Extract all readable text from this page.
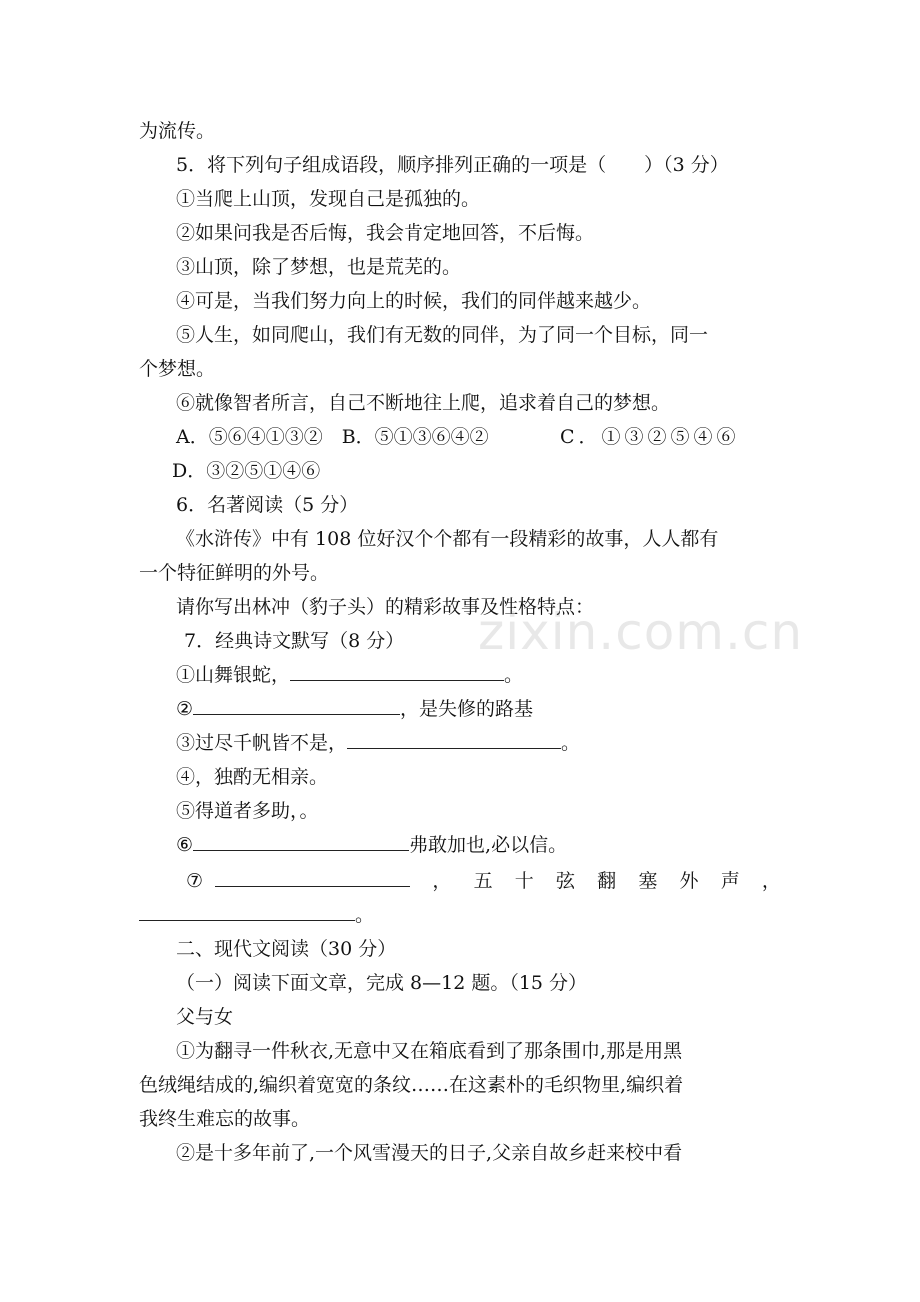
为流传。
5．将下列句子组成语段，顺序排列正确的一项是（　　）（3 分）
①当爬上山顶，发现自己是孤独的。
②如果问我是否后悔，我会肯定地回答，不后悔。
③山顶，除了梦想，也是荒芜的。
④可是，当我们努力向上的时候，我们的同伴越来越少。
⑤人生，如同爬山，我们有无数的同伴，为了同一个目标，同一
个梦想。
⑥就像智者所言，自己不断地往上爬，追求着自己的梦想。
A．⑤⑥④①③②　B．⑤①③⑥④②	C．①③②⑤④⑥
D．③②⑤①④⑥
6．名著阅读（5 分）
《水浒传》中有 108 位好汉个个都有一段精彩的故事，人人都有
一个特征鲜明的外号。
请你写出林冲（豹子头）的精彩故事及性格特点：
7．经典诗文默写（8 分）
①山舞银蛇，	。
②	，是失修的路基
③过尽千帆皆不是，	。
④，独酌无相亲。
⑤得道者多助，。
⑥	弗敢加也,必以信。
⑦	， 五 十 弦 翻 塞 外 声 ，
。
二、现代文阅读（30 分）
（一）阅读下面文章，完成 8—12 题。（15 分）
父与女
①为翻寻一件秋衣,无意中又在箱底看到了那条围巾,那是用黑
色绒绳结成的,编织着宽宽的条纹……在这素朴的毛织物里,编织着
我终生难忘的故事。
②是十多年前了,一个风雪漫天的日子,父亲自故乡赶来校中看
zixin.com.cn
